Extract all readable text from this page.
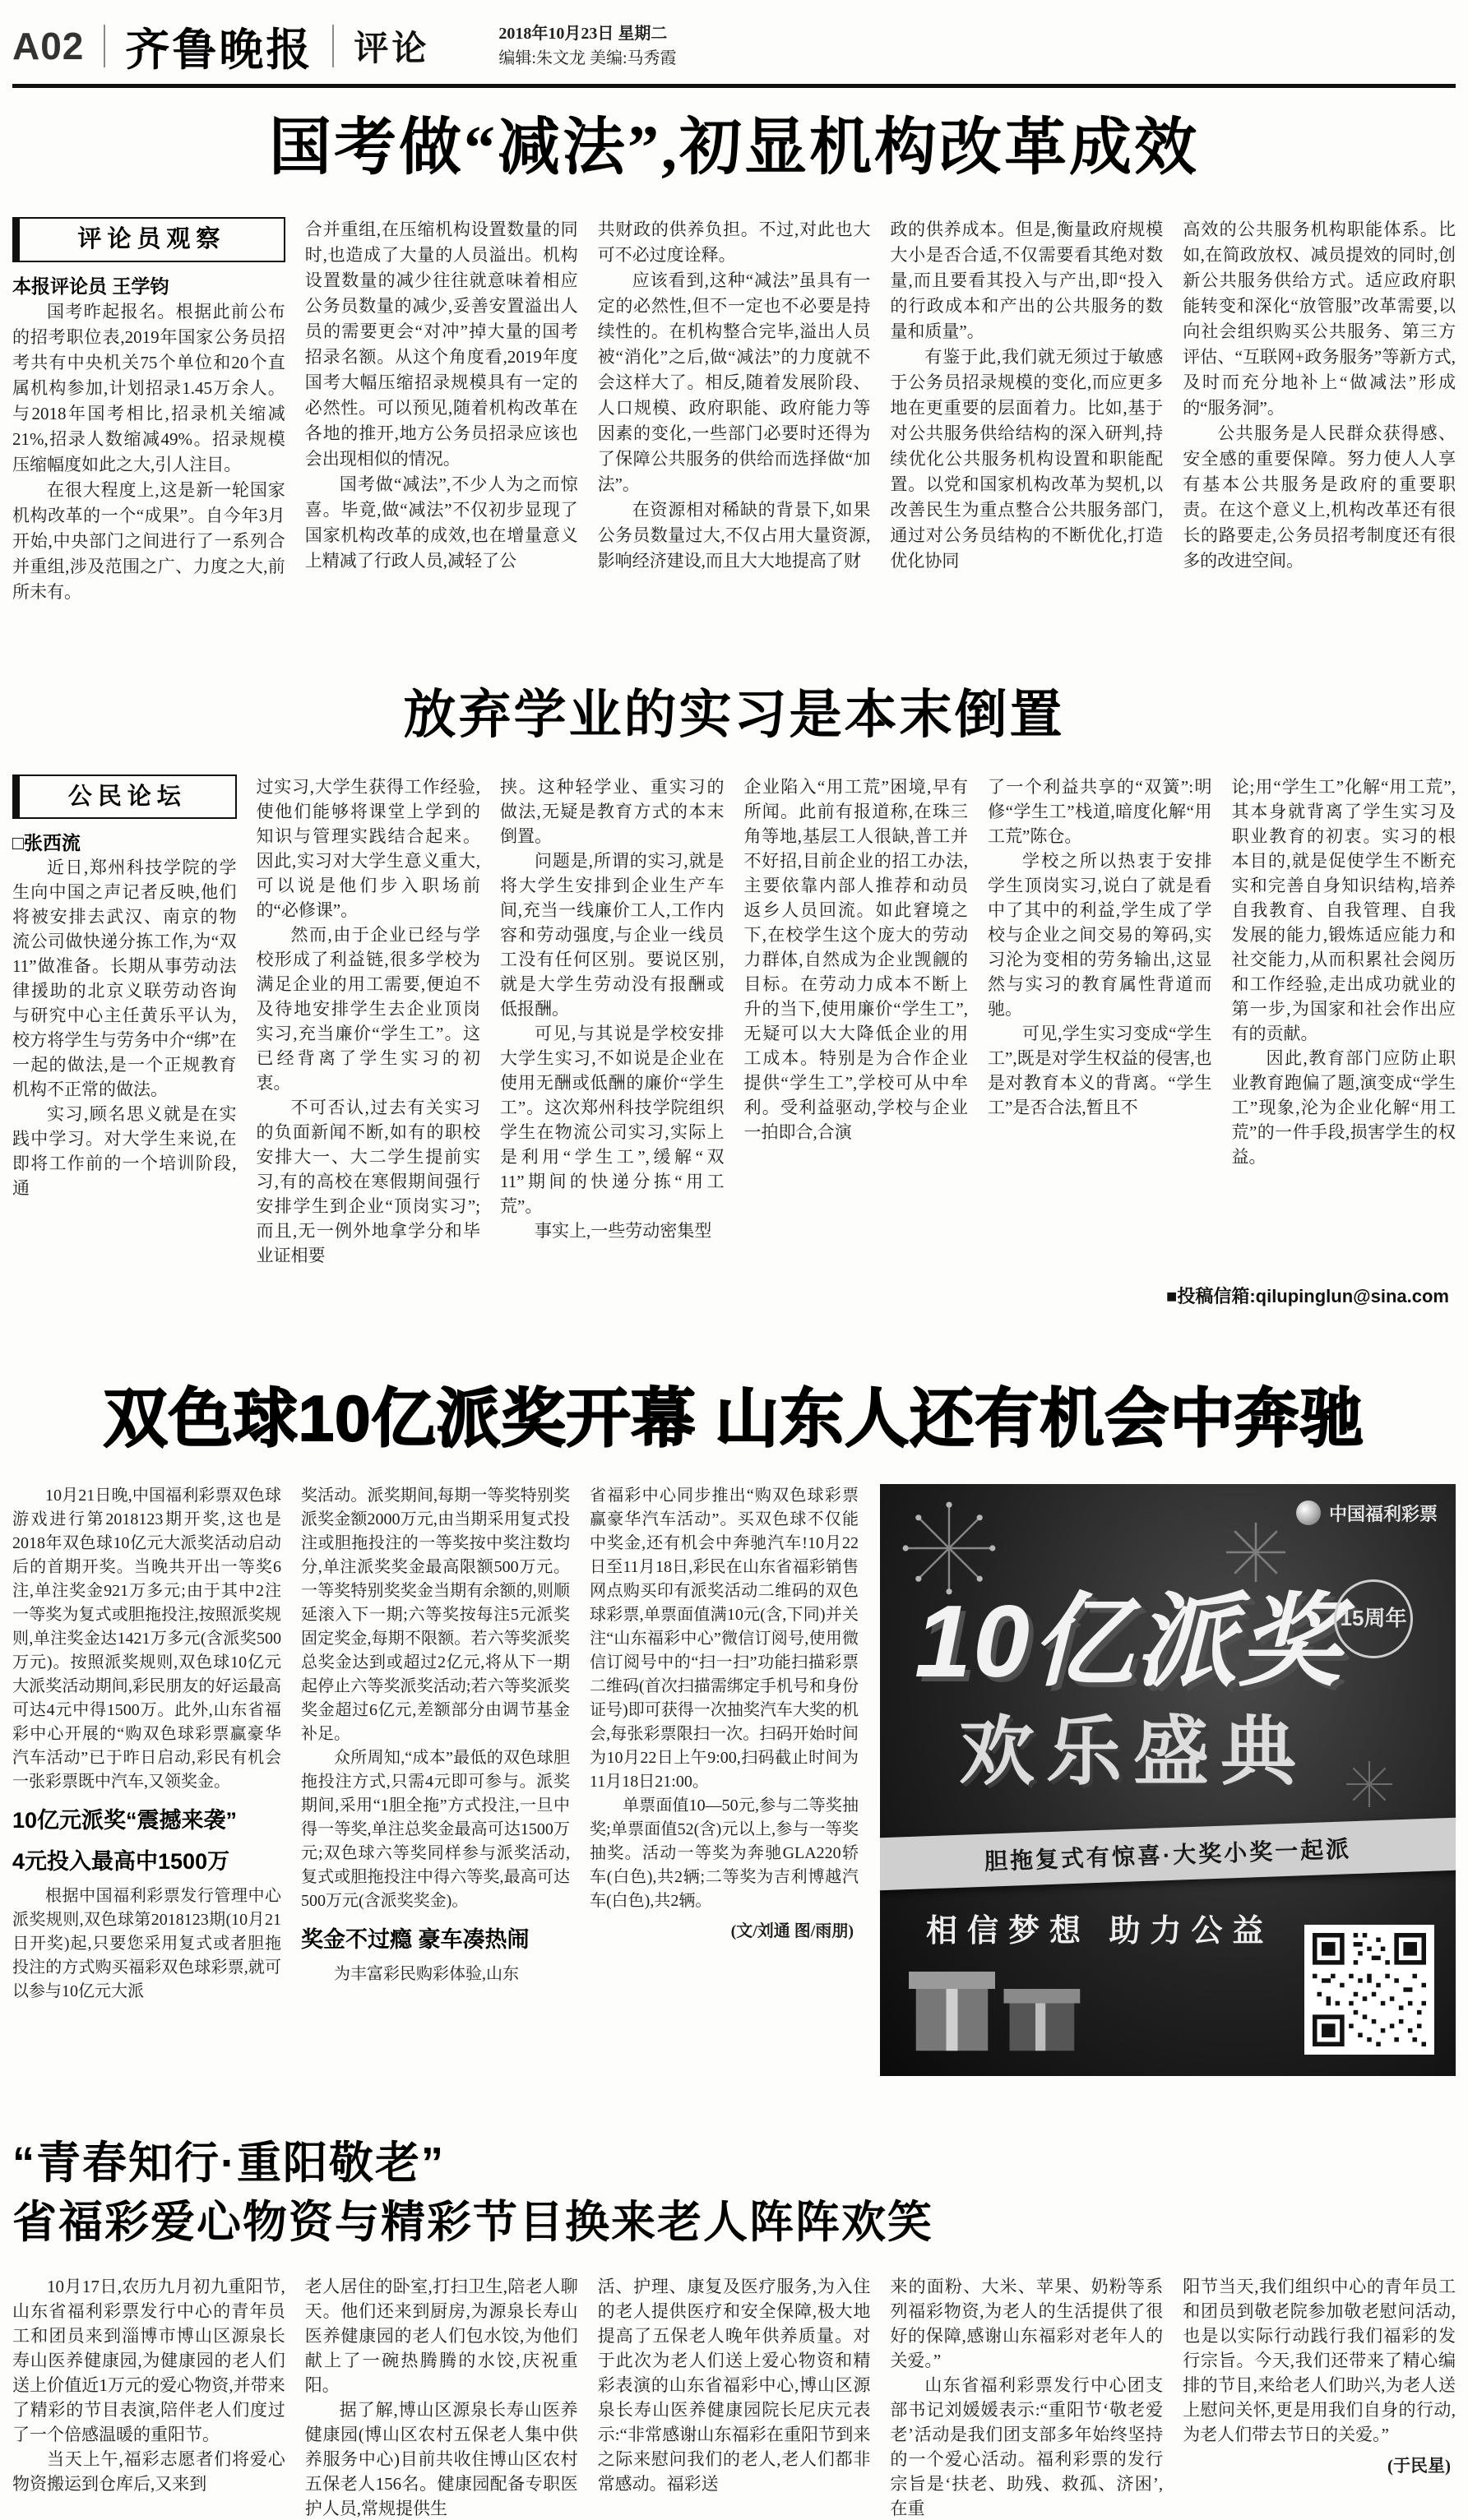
A02 齐鲁晚报 评论	2018年10月23日 星期二
编辑:朱文龙 美编:马秀霞
国考做“减法”,初显机构改革成效
评论员观察

本报评论员 王学钧

国考昨起报名。根据此前公布的招考职位表,2019年国家公务员招考共有中央机关75个单位和20个直属机构参加,计划招录1.45万余人。与2018年国考相比,招录机关缩减21%,招录人数缩减49%。招录规模压缩幅度如此之大,引人注目。

在很大程度上,这是新一轮国家机构改革的一个“成果”。自今年3月开始,中央部门之间进行了一系列合并重组,涉及范围之广、力度之大,前所未有。

合并重组,在压缩机构设置数量的同时,也造成了大量的人员溢出。机构设置数量的减少往往就意味着相应公务员数量的减少,妥善安置溢出人员的需要更会“对冲”掉大量的国考招录名额。从这个角度看,2019年度国考大幅压缩招录规模具有一定的必然性。可以预见,随着机构改革在各地的推开,地方公务员招录应该也会出现相似的情况。

国考做“减法”,不少人为之而惊喜。毕竟,做“减法”不仅初步显现了国家机构改革的成效,也在增量意义上精减了行政人员,减轻了公

共财政的供养负担。不过,对此也大可不必过度诠释。

应该看到,这种“减法”虽具有一定的必然性,但不一定也不必要是持续性的。在机构整合完毕,溢出人员被“消化”之后,做“减法”的力度就不会这样大了。相反,随着发展阶段、人口规模、政府职能、政府能力等因素的变化,一些部门必要时还得为了保障公共服务的供给而选择做“加法”。

在资源相对稀缺的背景下,如果公务员数量过大,不仅占用大量资源,影响经济建设,而且大大地提高了财

政的供养成本。但是,衡量政府规模大小是否合适,不仅需要看其绝对数量,而且要看其投入与产出,即“投入的行政成本和产出的公共服务的数量和质量”。

有鉴于此,我们就无须过于敏感于公务员招录规模的变化,而应更多地在更重要的层面着力。比如,基于对公共服务供给结构的深入研判,持续优化公共服务机构设置和职能配置。以党和国家机构改革为契机,以改善民生为重点整合公共服务部门,通过对公务员结构的不断优化,打造优化协同

高效的公共服务机构职能体系。比如,在简政放权、减员提效的同时,创新公共服务供给方式。适应政府职能转变和深化“放管服”改革需要,以向社会组织购买公共服务、第三方评估、“互联网+政务服务”等新方式,及时而充分地补上“做减法”形成的“服务洞”。

公共服务是人民群众获得感、安全感的重要保障。努力使人人享有基本公共服务是政府的重要职责。在这个意义上,机构改革还有很长的路要走,公务员招考制度还有很多的改进空间。

放弃学业的实习是本末倒置
公民论坛

□张西流

近日,郑州科技学院的学生向中国之声记者反映,他们将被安排去武汉、南京的物流公司做快递分拣工作,为“双11”做准备。长期从事劳动法律援助的北京义联劳动咨询与研究中心主任黄乐平认为,校方将学生与劳务中介“绑”在一起的做法,是一个正规教育机构不正常的做法。

实习,顾名思义就是在实践中学习。对大学生来说,在即将工作前的一个培训阶段,通

过实习,大学生获得工作经验,使他们能够将课堂上学到的知识与管理实践结合起来。因此,实习对大学生意义重大,可以说是他们步入职场前的“必修课”。

然而,由于企业已经与学校形成了利益链,很多学校为满足企业的用工需要,便迫不及待地安排学生去企业顶岗实习,充当廉价“学生工”。这已经背离了学生实习的初衷。

不可否认,过去有关实习的负面新闻不断,如有的职校安排大一、大二学生提前实习,有的高校在寒假期间强行安排学生到企业“顶岗实习”;而且,无一例外地拿学分和毕业证相要

挟。这种轻学业、重实习的做法,无疑是教育方式的本末倒置。

问题是,所谓的实习,就是将大学生安排到企业生产车间,充当一线廉价工人,工作内容和劳动强度,与企业一线员工没有任何区别。要说区别,就是大学生劳动没有报酬或低报酬。

可见,与其说是学校安排大学生实习,不如说是企业在使用无酬或低酬的廉价“学生工”。这次郑州科技学院组织学生在物流公司实习,实际上是利用“学生工”,缓解“双11”期间的快递分拣“用工荒”。

事实上,一些劳动密集型

企业陷入“用工荒”困境,早有所闻。此前有报道称,在珠三角等地,基层工人很缺,普工并不好招,目前企业的招工办法,主要依靠内部人推荐和动员返乡人员回流。如此窘境之下,在校学生这个庞大的劳动力群体,自然成为企业觊觎的目标。在劳动力成本不断上升的当下,使用廉价“学生工”,无疑可以大大降低企业的用工成本。特别是为合作企业提供“学生工”,学校可从中牟利。受利益驱动,学校与企业一拍即合,合演

了一个利益共享的“双簧”:明修“学生工”栈道,暗度化解“用工荒”陈仓。

学校之所以热衷于安排学生顶岗实习,说白了就是看中了其中的利益,学生成了学校与企业之间交易的筹码,实习沦为变相的劳务输出,这显然与实习的教育属性背道而驰。

可见,学生实习变成“学生工”,既是对学生权益的侵害,也是对教育本义的背离。“学生工”是否合法,暂且不

论;用“学生工”化解“用工荒”,其本身就背离了学生实习及职业教育的初衷。实习的根本目的,就是促使学生不断充实和完善自身知识结构,培养自我教育、自我管理、自我发展的能力,锻炼适应能力和社交能力,从而积累社会阅历和工作经验,走出成功就业的第一步,为国家和社会作出应有的贡献。

因此,教育部门应防止职业教育跑偏了题,演变成“学生工”现象,沦为企业化解“用工荒”的一件手段,损害学生的权益。

■投稿信箱:qilupinglun@sina.com
双色球10亿派奖开幕 山东人还有机会中奔驰

10月21日晚,中国福利彩票双色球游戏进行第2018123期开奖,这也是2018年双色球10亿元大派奖活动启动后的首期开奖。当晚共开出一等奖6注,单注奖金921万多元;由于其中2注一等奖为复式或胆拖投注,按照派奖规则,单注奖金达1421万多元(含派奖500万元)。按照派奖规则,双色球10亿元大派奖活动期间,彩民朋友的好运最高可达4元中得1500万。此外,山东省福彩中心开展的“购双色球彩票赢豪华汽车活动”已于昨日启动,彩民有机会一张彩票既中汽车,又领奖金。

10亿元派奖“震撼来袭”

4元投入最高中1500万

根据中国福利彩票发行管理中心派奖规则,双色球第2018123期(10月21日开奖)起,只要您采用复式或者胆拖投注的方式购买福彩双色球彩票,就可以参与10亿元大派

奖活动。派奖期间,每期一等奖特别奖派奖金额2000万元,由当期采用复式投注或胆拖投注的一等奖按中奖注数均分,单注派奖奖金最高限额500万元。一等奖特别奖奖金当期有余额的,则顺延滚入下一期;六等奖按每注5元派奖固定奖金,每期不限额。若六等奖派奖总奖金达到或超过2亿元,将从下一期起停止六等奖派奖活动;若六等奖派奖奖金超过6亿元,差额部分由调节基金补足。

众所周知,“成本”最低的双色球胆拖投注方式,只需4元即可参与。派奖期间,采用“1胆全拖”方式投注,一旦中得一等奖,单注总奖金最高可达1500万元;双色球六等奖同样参与派奖活动,复式或胆拖投注中得六等奖,最高可达500万元(含派奖奖金)。

奖金不过瘾 豪车凑热闹

为丰富彩民购彩体验,山东

省福彩中心同步推出“购双色球彩票赢豪华汽车活动”。买双色球不仅能中奖金,还有机会中奔驰汽车!10月22日至11月18日,彩民在山东省福彩销售网点购买印有派奖活动二维码的双色球彩票,单票面值满10元(含,下同)并关注“山东福彩中心”微信订阅号,使用微信订阅号中的“扫一扫”功能扫描彩票二维码(首次扫描需绑定手机号和身份证号)即可获得一次抽奖汽车大奖的机会,每张彩票限扫一次。扫码开始时间为10月22日上午9:00,扫码截止时间为11月18日21:00。

单票面值10—50元,参与二等奖抽奖;单票面值52(含)元以上,参与一等奖抽奖。活动一等奖为奔驰GLA220轿车(白色),共2辆;二等奖为吉利博越汽车(白色),共2辆。

(文/刘通 图/雨朋)

中国福利彩票
10亿派奖
15周年
欢乐盛典
胆拖复式有惊喜·大奖小奖一起派
相信梦想 助力公益
“青春知行·重阳敬老”
省福彩爱心物资与精彩节目换来老人阵阵欢笑

10月17日,农历九月初九重阳节,山东省福利彩票发行中心的青年员工和团员来到淄博市博山区源泉长寿山医养健康园,为健康园的老人们送上价值近1万元的爱心物资,并带来了精彩的节目表演,陪伴老人们度过了一个倍感温暖的重阳节。

当天上午,福彩志愿者们将爱心物资搬运到仓库后,又来到

老人居住的卧室,打扫卫生,陪老人聊天。他们还来到厨房,为源泉长寿山医养健康园的老人们包水饺,为他们献上了一碗热腾腾的水饺,庆祝重阳。

据了解,博山区源泉长寿山医养健康园(博山区农村五保老人集中供养服务中心)目前共收住博山区农村五保老人156名。健康园配备专职医护人员,常规提供生

活、护理、康复及医疗服务,为入住的老人提供医疗和安全保障,极大地提高了五保老人晚年供养质量。对于此次为老人们送上爱心物资和精彩表演的山东省福彩中心,博山区源泉长寿山医养健康园院长尼庆元表示:“非常感谢山东福彩在重阳节到来之际来慰问我们的老人,老人们都非常感动。福彩送

来的面粉、大米、苹果、奶粉等系列福彩物资,为老人的生活提供了很好的保障,感谢山东福彩对老年人的关爱。”

山东省福利彩票发行中心团支部书记刘媛媛表示:“重阳节‘敬老爱老’活动是我们团支部多年始终坚持的一个爱心活动。福利彩票的发行宗旨是‘扶老、助残、救孤、济困’,在重

阳节当天,我们组织中心的青年员工和团员到敬老院参加敬老慰问活动,也是以实际行动践行我们福彩的发行宗旨。今天,我们还带来了精心编排的节目,来给老人们助兴,为老人送上慰问关怀,更是用我们自身的行动,为老人们带去节日的关爱。”

(于民星)
